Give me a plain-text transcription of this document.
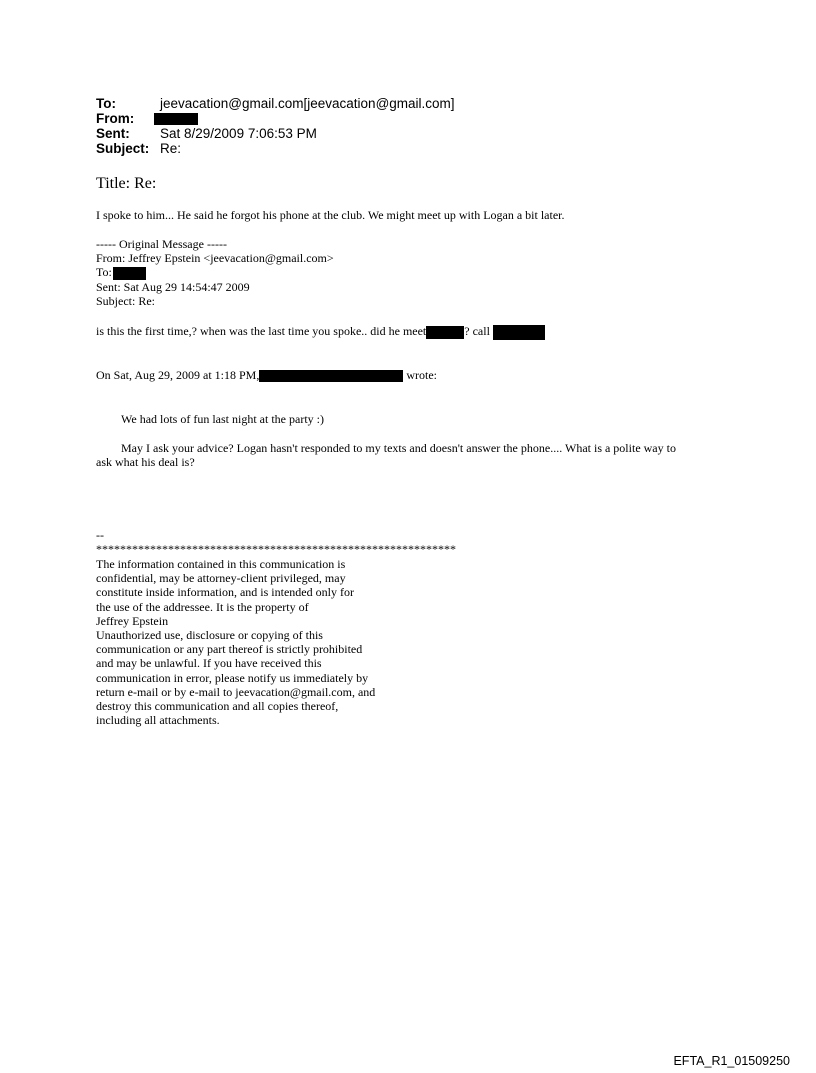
To:	jeevacation@gmail.com[jeevacation@gmail.com]
From:
Sent: Sat 8/29/2009 7:06:53 PM
Subject: Re:
Title: Re:
I spoke to him... He said he forgot his phone at the club. We might meet up with Logan a bit later.
----- Original Message -----
From: Jeffrey Epstein <jeevacation@gmail.com>
To:
Sent: Sat Aug 29 14:54:47 2009
Subject: Re:
is this the first time,? when was the last time you spoke.. did he meet	? call
On Sat, Aug 29, 2009 at 1:18 PM,	wrote:
We had lots of fun last night at the party :)
May I ask your advice? Logan hasn't responded to my texts and doesn't answer the phone.... What is a polite way to
ask what his deal is?
--
************************************************************
The information contained in this communication is
confidential, may be attorney-client privileged, may
constitute inside information, and is intended only for
the use of the addressee. It is the property of
Jeffrey Epstein
Unauthorized use, disclosure or copying of this
communication or any part thereof is strictly prohibited
and may be unlawful. If you have received this
communication in error, please notify us immediately by
return e-mail or by e-mail to jeevacation@gmail.com, and
destroy this communication and all copies thereof,
including all attachments.
EFTA_R1_01509250
